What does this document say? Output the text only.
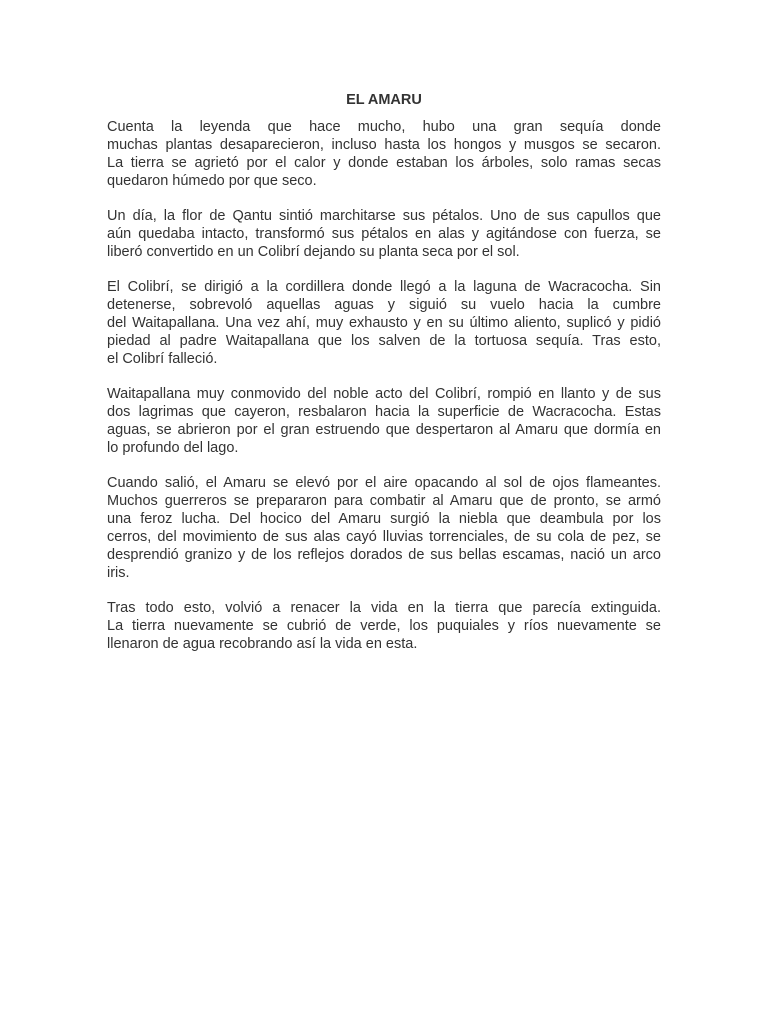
EL AMARU

Cuenta la leyenda que hace mucho, hubo una gran sequía donde
muchas plantas desaparecieron, incluso hasta los hongos y musgos se secaron.
La tierra se agrietó por el calor y donde estaban los árboles, solo ramas secas
quedaron húmedo por que seco.

Un día, la flor de Qantu sintió marchitarse sus pétalos. Uno de sus capullos que
aún quedaba intacto, transformó sus pétalos en alas y agitándose con fuerza, se
liberó convertido en un Colibrí dejando su planta seca por el sol.

El Colibrí, se dirigió a la cordillera donde llegó a la laguna de Wacracocha. Sin
detenerse, sobrevoló aquellas aguas y siguió su vuelo hacia la cumbre
del Waitapallana. Una vez ahí, muy exhausto y en su último aliento, suplicó y pidió
piedad al padre Waitapallana que los salven de la tortuosa sequía. Tras esto,
el Colibrí falleció.

Waitapallana muy conmovido del noble acto del Colibrí, rompió en llanto y de sus
dos lagrimas que cayeron, resbalaron hacia la superficie de Wacracocha. Estas
aguas, se abrieron por el gran estruendo que despertaron al Amaru que dormía en
lo profundo del lago.

Cuando salió, el Amaru se elevó por el aire opacando al sol de ojos flameantes.
Muchos guerreros se prepararon para combatir al Amaru que de pronto, se armó
una feroz lucha. Del hocico del Amaru surgió la niebla que deambula por los
cerros, del movimiento de sus alas cayó lluvias torrenciales, de su cola de pez, se
desprendió granizo y de los reflejos dorados de sus bellas escamas, nació un arco
iris.

Tras todo esto, volvió a renacer la vida en la tierra que parecía extinguida.
La tierra nuevamente se cubrió de verde, los puquiales y ríos nuevamente se
llenaron de agua recobrando así la vida en esta.
